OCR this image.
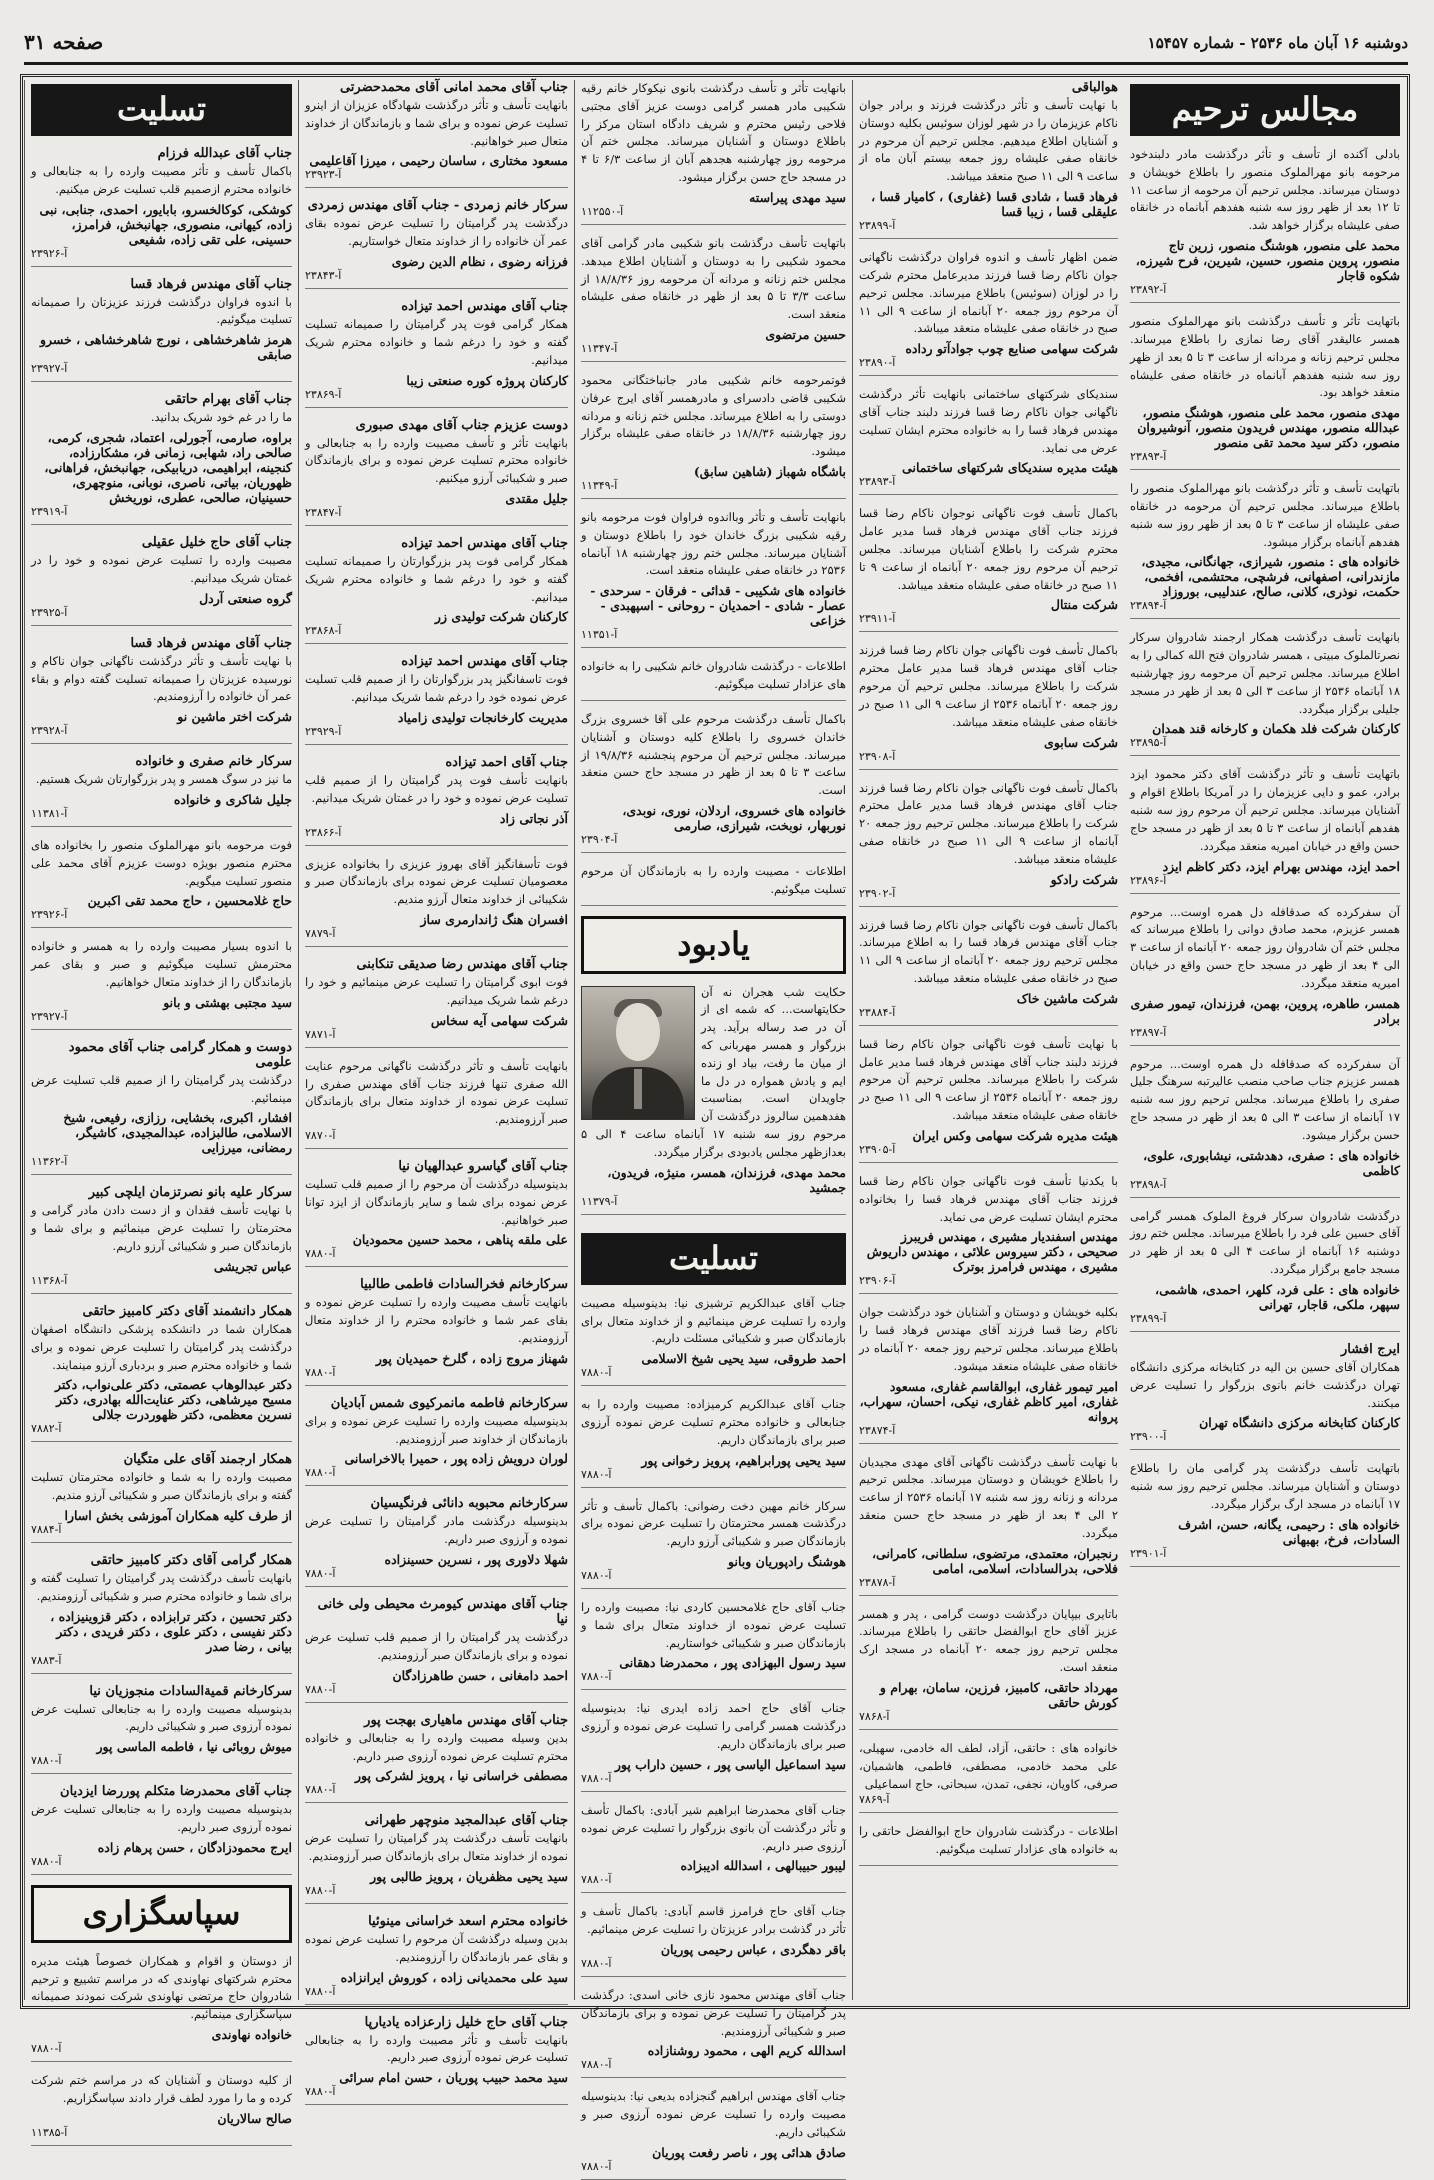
دوشنبه ۱۶ آبان ماه ۲۵۳۶ - شماره ۱۵۴۵۷
صفحه ۳۱
مجالس ترحیم
بادلی آکنده از تأسف و تأثر درگذشت مادر دلبندخود مرحومه بانو مهرالملوک منصور را باطلاع خویشان و دوستان میرساند. مجلس ترحیم آن مرحومه از ساعت ۱۱ تا ۱۲ بعد از ظهر روز سه شنبه هفدهم آبانماه در خانقاه صفی علیشاه برگزار خواهد شد.
محمد علی منصور، هوشنگ منصور، زرین تاج منصور، پروین منصور، حسین، شیرین، فرح شیرزه، شکوه قاجار
آ-۲۳۸۹۲
باتهایت تأثر و تأسف درگذشت بانو مهرالملوک منصور همسر عالیقدر آقای رضا نمازی را باطلاع میرساند. مجلس ترحیم زنانه و مردانه از ساعت ۳ تا ۵ بعد از ظهر روز سه شنبه هفدهم آبانماه در خانقاه صفی علیشاه منعقد خواهد بود.
مهدی منصور، محمد علی منصور، هوشنگ منصور، عبدالله منصور، مهندس فریدون منصور، آنوشیروان منصور، دکتر سید محمد تقی منصور
آ-۲۳۸۹۳
باتهایت تأسف و تأثر درگذشت بانو مهرالملوک منصور را باطلاع میرساند. مجلس ترحیم آن مرحومه در خانقاه صفی علیشاه از ساعت ۳ تا ۵ بعد از ظهر روز سه شنبه هفدهم آبانماه برگزار میشود.
خانواده های : منصور، شیرازی، جهانگانی، مجیدی، مازندرانی، اصفهانی، فرشچی، محتشمی، افخمی، حکمت، نوذری، کلانی، صالح، عندلیبی، بوروزاد
آ-۲۳۸۹۴
بانهایت تأسف درگذشت همکار ارجمند شادروان سرکار نصرتالملوک مبیتی ، همسر شادروان فتح الله کمالی را به اطلاع میرساند. مجلس ترحیم آن مرحومه روز چهارشنبه ۱۸ آبانماه ۲۵۳۶ از ساعت ۳ الی ۵ بعد از ظهر در مسجد جلیلی برگزار میگردد.
کارکنان شرکت فلد هکمان و کارخانه قند همدان
آ-۲۳۸۹۵
باتهایت تأسف و تأثر درگذشت آقای دکتر محمود ایزد برادر، عمو و دایی عزیزمان را در آمریکا باطلاع اقوام و آشنایان میرساند. مجلس ترحیم آن مرحوم روز سه شنبه هفدهم آبانماه از ساعت ۳ تا ۵ بعد از ظهر در مسجد حاج حسن واقع در خیابان امیریه منعقد میگردد.
احمد ایزد، مهندس بهرام ایزد، دکتر کاظم ایزد
آ-۲۳۸۹۶
آن سفرکرده که صدقافله دل همره اوست... مرحوم همسر عزیزم، محمد صادق دوانی را باطلاع میرساند که مجلس ختم آن شادروان روز جمعه ۲۰ آبانماه از ساعت ۳ الی ۴ بعد از ظهر در مسجد حاج حسن واقع در خیابان امیریه منعقد میگردد.
همسر، طاهره، پروین، بهمن، فرزندان، تیمور صفری برادر
آ-۲۳۸۹۷
آن سفرکرده که صدقافله دل همره اوست... مرحوم همسر عزیزم جناب صاحب منصب عالیرتبه سرهنگ جلیل صفری را باطلاع میرساند. مجلس ترحیم روز سه شنبه ۱۷ آبانماه از ساعت ۳ الی ۵ بعد از ظهر در مسجد حاج حسن برگزار میشود.
خانواده های : صفری، دهدشتی، نیشابوری، علوی، کاظمی
آ-۲۳۸۹۸
درگذشت شادروان سرکار فروغ الملوک همسر گرامی آقای حسین علی فرد را باطلاع میرساند. مجلس ختم روز دوشنبه ۱۶ آبانماه از ساعت ۴ الی ۵ بعد از ظهر در مسجد جامع برگزار میگردد.
خانواده های : علی فرد، کلهر، احمدی، هاشمی، سپهر، ملکی، قاجار، تهرانی
آ-۲۳۸۹۹
ایرج افشار
همکاران آقای حسین بن الیه در کتابخانه مرکزی دانشگاه تهران درگذشت خانم بانوی بزرگوار را تسلیت عرض میکنند.
کارکنان کتابخانه مرکزی دانشگاه تهران
آ-۲۳۹۰۰
باتهایت تأسف درگذشت پدر گرامی مان را باطلاع دوستان و آشنایان میرساند. مجلس ترحیم روز سه شنبه ۱۷ آبانماه در مسجد ارگ برگزار میگردد.
خانواده های : رحیمی، یگانه، حسن، اشرف السادات، فرخ، بهبهانی
آ-۲۳۹۰۱
هوالباقی
با نهایت تأسف و تأثر درگذشت فرزند و برادر جوان ناکام عزیزمان را در شهر لوزان سوئیس بکلیه دوستان و آشنایان اطلاع میدهیم. مجلس ترحیم آن مرحوم در خانقاه صفی علیشاه روز جمعه بیستم آبان ماه از ساعت ۹ الی ۱۱ صبح منعقد میباشد.
فرهاد قسا ، شادی قسا (غفاری) ، کامیار قسا ، علیقلی قسا ، زیبا قسا
آ-۲۳۸۹۹
ضمن اظهار تأسف و اندوه فراوان درگذشت ناگهانی جوان ناکام رضا قسا فرزند مدیرعامل محترم شرکت را در لوزان (سوئیس) باطلاع میرساند. مجلس ترحیم آن مرحوم روز جمعه ۲۰ آبانماه از ساعت ۹ الی ۱۱ صبح در خانقاه صفی علیشاه منعقد میباشد.
شرکت سهامی صنایع چوب جوادآتو رداده
آ-۲۳۸۹۰
سندیکای شرکتهای ساختمانی بانهایت تأثر درگذشت ناگهانی جوان ناکام رضا قسا فرزند دلبند جناب آقای مهندس فرهاد قسا را به خانواده محترم ایشان تسلیت عرض می نماید.
هیئت مدیره سندیکای شرکتهای ساختمانی
آ-۲۳۸۹۳
باکمال تأسف فوت ناگهانی نوجوان ناکام رضا قسا فرزند جناب آقای مهندس فرهاد قسا مدیر عامل محترم شرکت را باطلاع آشنایان میرساند. مجلس ترحیم آن مرحوم روز جمعه ۲۰ آبانماه از ساعت ۹ تا ۱۱ صبح در خانقاه صفی علیشاه منعقد میباشد.
شرکت منتال
آ-۲۳۹۱۱
باکمال تأسف فوت ناگهانی جوان ناکام رضا قسا فرزند جناب آقای مهندس فرهاد قسا مدیر عامل محترم شرکت را باطلاع میرساند. مجلس ترحیم آن مرحوم روز جمعه ۲۰ آبانماه ۲۵۳۶ از ساعت ۹ الی ۱۱ صبح در خانقاه صفی علیشاه منعقد میباشد.
شرکت سابوی
آ-۲۳۹۰۸
باکمال تأسف فوت ناگهانی جوان ناکام رضا قسا فرزند جناب آقای مهندس فرهاد قسا مدیر عامل محترم شرکت را باطلاع میرساند. مجلس ترحیم روز جمعه ۲۰ آبانماه از ساعت ۹ الی ۱۱ صبح در خانقاه صفی علیشاه منعقد میباشد.
شرکت رادکو
آ-۲۳۹۰۲
باکمال تأسف فوت ناگهانی جوان ناکام رضا قسا فرزند جناب آقای مهندس فرهاد قسا را به اطلاع میرساند. مجلس ترحیم روز جمعه ۲۰ آبانماه از ساعت ۹ الی ۱۱ صبح در خانقاه صفی علیشاه منعقد میباشد.
شرکت ماشین خاک
آ-۲۳۸۸۴
با نهایت تأسف فوت ناگهانی جوان ناکام رضا قسا فرزند دلبند جناب آقای مهندس فرهاد قسا مدیر عامل شرکت را باطلاع میرساند. مجلس ترحیم آن مرحوم روز جمعه ۲۰ آبانماه ۲۵۳۶ از ساعت ۹ الی ۱۱ صبح در خانقاه صفی علیشاه منعقد میباشد.
هیئت مدیره شرکت سهامی وکس ایران
آ-۲۳۹۰۵
با یکدنیا تأسف فوت ناگهانی جوان ناکام رضا قسا فرزند جناب آقای مهندس فرهاد قسا را بخانواده محترم ایشان تسلیت عرض می نماید.
مهندس اسفندیار مشیری ، مهندس فریبرز صحیحی ، دکتر سیروس علائی ، مهندس داریوش مشیری ، مهندس فرامرز بوترک
آ-۲۳۹۰۶
بکلیه خویشان و دوستان و آشنایان خود درگذشت جوان ناکام رضا قسا فرزند آقای مهندس فرهاد قسا را باطلاع میرساند. مجلس ترحیم روز جمعه ۲۰ آبانماه در خانقاه صفی علیشاه منعقد میشود.
امیر تیمور غفاری، ابوالقاسم غفاری، مسعود غفاری، امیر کاظم غفاری، نیکی، احسان، سهراب، پروانه
آ-۲۳۸۷۴
با نهایت تأسف درگذشت ناگهانی آقای مهدی مجیدیان را باطلاع خویشان و دوستان میرساند. مجلس ترحیم مردانه و زنانه روز سه شنبه ۱۷ آبانماه ۲۵۳۶ از ساعت ۲ الی ۴ بعد از ظهر در مسجد حاج حسن منعقد میگردد.
رنجبران، معتمدی، مرتضوی، سلطانی، کامرانی، فلاحی، بدرالسادات، اسلامی، امامی
آ-۲۳۸۷۸
باتایری بیپایان درگذشت دوست گرامی ، پدر و همسر عزیز آقای حاج ابوالفضل حاتقی را باطلاع میرساند. مجلس ترحیم روز جمعه ۲۰ آبانماه در مسجد ارک منعقد است.
مهرداد حاتقی، کامبیز، فرزین، سامان، بهرام و کورش حاتقی
آ-۷۸۶۸
خانواده های : حاتقی، آزاد، لطف اله خادمی، سهیلی، علی محمد خادمی، مصطفی، فاطمی، هاشمیان، صرفی، کاویان، نجفی، تمدن، سبحانی، حاج اسماعیلی
آ-۷۸۶۹
اطلاعات - درگذشت شادروان حاج ابوالفضل حاتقی را به خانواده های عزادار تسلیت میگوئیم.
بانهایت تأثر و تأسف درگذشت بانوی نیکوکار خانم رقیه شکیبی مادر همسر گرامی دوست عزیز آقای مجتبی فلاحی رئیس محترم و شریف دادگاه استان مرکز را باطلاع دوستان و آشنایان میرساند. مجلس ختم آن مرحومه روز چهارشنبه هجدهم آبان از ساعت ۶/۳ تا ۴ در مسجد حاج حسن برگزار میشود.
سید مهدی پیراسته
آ-۱۱۲۵۵۰
باتهایت تأسف درگذشت بانو شکیبی مادر گرامی آقای محمود شکیبی را به دوستان و آشنایان اطلاع میدهد. مجلس ختم زنانه و مردانه آن مرحومه روز ۱۸/۸/۳۶ از ساعت ۳/۳ تا ۵ بعد از ظهر در خانقاه صفی علیشاه منعقد است.
حسین مرتضوی
آ-۱۱۳۴۷
فوتمرحومه خانم شکیبی مادر جانباختگانی محمود شکیبی قاضی دادسرای و مادرهمسر آقای ایرج عرفان دوستی را به اطلاع میرساند. مجلس ختم زنانه و مردانه روز چهارشنبه ۱۸/۸/۳۶ در خانقاه صفی علیشاه برگزار میشود.
باشگاه شهباز (شاهین سابق)
آ-۱۱۳۴۹
بانهایت تأسف و تأثر وبااندوه فراوان فوت مرحومه بانو رقیه شکیبی بزرگ خاندان خود را باطلاع دوستان و آشنایان میرساند. مجلس ختم روز چهارشنبه ۱۸ آبانماه ۲۵۳۶ در خانقاه صفی علیشاه منعقد است.
خانواده های شکیبی - قدائی - فرقان - سرحدی - عصار - شادی - احمدیان - روحانی - اسپهبدی - خزاعی
آ-۱۱۳۵۱
اطلاعات - درگذشت شادروان خانم شکیبی را به خانواده های عزادار تسلیت میگوئیم.
باکمال تأسف درگذشت مرحوم علی آقا خسروی بزرگ خاندان خسروی را باطلاع کلیه دوستان و آشنایان میرساند. مجلس ترحیم آن مرحوم پنجشنبه ۱۹/۸/۳۶ از ساعت ۳ تا ۵ بعد از ظهر در مسجد حاج حسن منعقد است.
خانواده های خسروی، اردلان، نوری، نوبدی، نوربهار، نوبخت، شیرازی، صارمی
آ-۲۳۹۰۴
اطلاعات - مصیبت وارده را به بازماندگان آن مرحوم تسلیت میگوئیم.
یادبود
حکایت شب هجران نه آن حکایتهاست... که شمه ای از آن در صد رساله برآید. پدر بزرگوار و همسر مهربانی که از میان ما رفت، بیاد او زنده ایم و یادش همواره در دل ما جاویدان است. بمناسبت هفدهمین سالروز درگذشت آن مرحوم روز سه شنبه ۱۷ آبانماه ساعت ۴ الی ۵ بعدازظهر مجلس یادبودی برگزار میگردد.
محمد مهدی، فرزندان، همسر، منیژه، فریدون، جمشید
آ-۱۱۳۷۹
تسلیت
جناب آقای عبدالکریم ترشیزی نیا: بدینوسیله مصیبت وارده را تسلیت عرض مینمائیم و از خداوند متعال برای بازماندگان صبر و شکیبائی مسئلت داریم.
احمد طروقی، سید یحیی شیخ الاسلامی
آ-۷۸۸۰
جناب آقای عبدالکریم کرمیزاده: مصیبت وارده را به جنابعالی و خانواده محترم تسلیت عرض نموده آرزوی صبر برای بازماندگان داریم.
سید یحیی پورابراهیم، پرویز رخوانی پور
آ-۷۸۸۰
سرکار خانم مهین دخت رضوانی: باکمال تأسف و تأثر درگذشت همسر محترمتان را تسلیت عرض نموده برای بازماندگان صبر و شکیبائی آرزو داریم.
هوشنگ رادپوریان وبانو
آ-۷۸۸۰
جناب آقای حاج غلامحسین کاردی نیا: مصیبت وارده را تسلیت عرض نموده از خداوند متعال برای شما و بازماندگان صبر و شکیبائی خواستاریم.
سید رسول البهزادی پور ، محمدرضا دهقانی
آ-۷۸۸۰
جناب آقای حاج احمد زاده ایدری نیا: بدینوسیله درگذشت همسر گرامی را تسلیت عرض نموده و آرزوی صبر برای بازماندگان داریم.
سید اسماعیل الیاسی پور ، حسین داراب پور
آ-۷۸۸۰
جناب آقای محمدرضا ابراهیم شیر آبادی: باکمال تأسف و تأثر درگذشت آن بانوی بزرگوار را تسلیت عرض نموده آرزوی صبر داریم.
لیبور حبیبالهی ، اسدالله ادیبزاده
آ-۷۸۸۰
جناب آقای حاج فرامرز قاسم آبادی: باکمال تأسف و تأثر در گذشت برادر عزیزتان را تسلیت عرض مینمائیم.
باقر دهگردی ، عباس رحیمی پوریان
آ-۷۸۸۰
جناب آقای مهندس محمود نازی خانی اسدی: درگذشت پدر گرامیتان را تسلیت عرض نموده و برای بازماندگان صبر و شکیبائی آرزومندیم.
اسدالله کریم الهی ، محمود روشنازاده
آ-۷۸۸۰
جناب آقای مهندس ابراهیم گنجزاده بدیعی نیا: بدینوسیله مصیبت وارده را تسلیت عرض نموده آرزوی صبر و شکیبائی داریم.
صادق هدائی پور ، ناصر رفعت پوریان
آ-۷۸۸۰
جناب آقای محمد امانی آقای محمدحضرتی
بانهایت تأسف و تأثر درگذشت شهادگاه عزیزان از اینرو تسلیت عرض نموده و برای شما و بازماندگان از خداوند متعال صبر خواهانیم.
مسعود مختاری ، ساسان رحیمی ، میرزا آقاعلیمی
آ-۲۳۹۲۳
سرکار خانم زمردی - جناب آقای مهندس زمردی
درگذشت پدر گرامیتان را تسلیت عرض نموده بقای عمر آن خانواده را از خداوند متعال خواستاریم.
فرزانه رضوی ، نظام الدین رضوی
آ-۲۳۸۴۳
جناب آقای مهندس احمد تیزاده
همکار گرامی فوت پدر گرامیتان را صمیمانه تسلیت گفته و خود را درغم شما و خانواده محترم شریک میدانیم.
کارکنان پروژه کوره صنعتی زیبا
آ-۲۳۸۶۹
دوست عزیزم جناب آقای مهدی صبوری
بانهایت تأثر و تأسف مصیبت وارده را به جنابعالی و خانواده محترم تسلیت عرض نموده و برای بازماندگان صبر و شکیبائی آرزو میکنیم.
جلیل مقتدی
آ-۲۳۸۴۷
جناب آقای مهندس احمد تیزاده
همکار گرامی فوت پدر بزرگوارتان را صمیمانه تسلیت گفته و خود را درغم شما و خانواده محترم شریک میدانیم.
کارکنان شرکت تولیدی زر
آ-۲۳۸۶۸
جناب آقای مهندس احمد تیزاده
فوت تاسفانگیز پدر بزرگوارتان را از صمیم قلب تسلیت عرض نموده خود را درغم شما شریک میدانیم.
مدیریت کارخانجات تولیدی زامیاد
آ-۲۳۹۲۹
جناب آقای احمد تیزاده
بانهایت تأسف فوت پدر گرامیتان را از صمیم قلب تسلیت عرض نموده و خود را در غمتان شریک میدانیم.
آذر نجاتی زاد
آ-۲۳۸۶۶
فوت تأسفانگیز آقای بهروز عزیزی را بخانواده عزیزی معصومیان تسلیت عرض نموده برای بازماندگان صبر و شکیبائی از خداوند متعال آرزو مندیم.
افسران هنگ ژاندارمری ساز
آ-۷۸۷۹
جناب آقای مهندس رضا صدیقی تنکابنی
فوت ابوی گرامیتان را تسلیت عرض مینمائیم و خود را درغم شما شریک میدانیم.
شرکت سهامی آیه سخاس
آ-۷۸۷۱
بانهایت تأسف و تأثر درگذشت ناگهانی مرحوم عنایت الله صفری تنها فرزند جناب آقای مهندس صفری را تسلیت عرض نموده از خداوند متعال برای بازماندگان صبر آرزومندیم.
آ-۷۸۷۰
جناب آقای گیاسرو عبدالهیان نیا
بدینوسیله درگذشت آن مرحوم را از صمیم قلب تسلیت عرض نموده برای شما و سایر بازماندگان از ایزد توانا صبر خواهانیم.
علی ملقه پناهی ، محمد حسین محمودیان
آ-۷۸۸۰
سرکارخانم فخرالسادات فاطمی طالبیا
بانهایت تأسف مصیبت وارده را تسلیت عرض نموده و بقای عمر شما و خانواده محترم را از خداوند متعال آرزومندیم.
شهناز مروج زاده ، گلرخ حمیدیان پور
آ-۷۸۸۰
سرکارخانم فاطمه مانمرکیوی شمس آبادیان
بدینوسیله مصیبت وارده را تسلیت عرض نموده و برای بازماندگان از خداوند صبر آرزومندیم.
لوران درویش زاده پور ، حمیرا بالاخراسانی
آ-۷۸۸۰
سرکارخانم محبوبه دانائی فرنگیسیان
بدینوسیله درگذشت مادر گرامیتان را تسلیت عرض نموده و آرزوی صبر داریم.
شهلا دلاوری پور ، نسرین حسینزاده
آ-۷۸۸۰
جناب آقای مهندس کیومرث محیطی ولی خانی نیا
درگذشت پدر گرامیتان را از صمیم قلب تسلیت عرض نموده و برای بازماندگان صبر آرزومندیم.
احمد دامغانی ، حسن طاهرزادگان
آ-۷۸۸۰
جناب آقای مهندس ماهیاری بهجت پور
بدین وسیله مصیبت وارده را به جنابعالی و خانواده محترم تسلیت عرض نموده آرزوی صبر داریم.
مصطفی خراسانی نیا ، پرویز لشرکی پور
آ-۷۸۸۰
جناب آقای عبدالمجید منوچهر طهرانی
بانهایت تأسف درگذشت پدر گرامیتان را تسلیت عرض نموده از خداوند متعال برای بازماندگان صبر آرزومندیم.
سید یحیی مظفریان ، پرویز طالبی پور
آ-۷۸۸۰
خانواده محترم اسعد خراسانی مینوئیا
بدین وسیله درگذشت آن مرحوم را تسلیت عرض نموده و بقای عمر بازماندگان را آرزومندیم.
سید علی محمدیانی زاده ، کوروش ایرانزاده
آ-۷۸۸۰
جناب آقای حاج خلیل زارعزاده یادیارپا
بانهایت تأسف و تأثر مصیبت وارده را به جنابعالی تسلیت عرض نموده آرزوی صبر داریم.
سید محمد حبیب پوریان ، حسن امام سرائی
آ-۷۸۸۰
تسلیت
جناب آقای عبدالله فرزام
باکمال تأسف و تأثر مصیبت وارده را به جنابعالی و خانواده محترم ازصمیم قلب تسلیت عرض میکنیم.
کوشکی، کوکالخسرو، بابایور، احمدی، جنابی، نبی زاده، کیهانی، منصوری، جهانبخش، فرامرز، حسینی، علی تقی زاده، شفیعی
آ-۲۳۹۲۶
جناب آقای مهندس فرهاد قسا
با اندوه فراوان درگذشت فرزند عزیزتان را صمیمانه تسلیت میگوئیم.
هرمز شاهرخشاهی ، نورج شاهرخشاهی ، خسرو صابقی
آ-۲۳۹۲۷
جناب آقای بهرام حاتقی
ما را در غم خود شریک بدانید.
براوه، صارمی، آجورلی، اعتماد، شجری، کرمی، صالحی راد، شهابی، زمانی فر، مشکارزاده، کنجینه، ابراهیمی، دریابیکی، جهانبخش، فراهانی، ظهوریان، بیاتی، ناصری، نوبانی، منوچهری، حسینیان، صالحی، عطری، نوریخش
آ-۲۳۹۱۹
جناب آقای حاج خلیل عقیلی
مصیبت وارده را تسلیت عرض نموده و خود را در غمتان شریک میدانیم.
گروه صنعتی آردل
آ-۲۳۹۲۵
جناب آقای مهندس فرهاد قسا
با نهایت تأسف و تأثر درگذشت ناگهانی جوان ناکام و نورسیده عزیزتان را صمیمانه تسلیت گفته دوام و بقاء عمر آن خانواده را آرزومندیم.
شرکت اختر ماشین نو
آ-۲۳۹۲۸
سرکار خانم صفری و خانواده
ما نیز در سوگ همسر و پدر بزرگوارتان شریک هستیم.
جلیل شاکری و خانواده
آ-۱۱۳۸۱
فوت مرحومه بانو مهرالملوک منصور را بخانواده های محترم منصور بویژه دوست عزیزم آقای محمد علی منصور تسلیت میگویم.
حاج غلامحسین ، حاج محمد تقی اکبرین
آ-۲۳۹۲۶
با اندوه بسیار مصیبت وارده را به همسر و خانواده محترمش تسلیت میگوئیم و صبر و بقای عمر بازماندگان را از خداوند متعال خواهانیم.
سید مجتبی بهشتی و بانو
آ-۲۳۹۲۷
دوست و همکار گرامی جناب آقای محمود علومی
درگذشت پدر گرامیتان را از صمیم قلب تسلیت عرض مینمائیم.
افشار، اکبری، بخشایی، رزازی، رفیعی، شیخ الاسلامی، طالبزاده، عبدالمجیدی، کاشیگر، رمضانی، میرزایی
آ-۱۱۳۶۲
سرکار علیه بانو نصرتزمان ایلچی کبیر
با نهایت تأسف فقدان و از دست دادن مادر گرامی و محترمتان را تسلیت عرض مینمائیم و برای شما و بازماندگان صبر و شکیبائی آرزو داریم.
عباس تجریشی
آ-۱۱۳۶۸
همکار دانشمند آقای دکتر کامبیز حاتقی
همکاران شما در دانشکده پزشکی دانشگاه اصفهان درگذشت پدر گرامیتان را تسلیت عرض نموده و برای شما و خانواده محترم صبر و بردباری آرزو مینمایند.
دکتر عبدالوهاب عصمتی، دکتر علی‌نواب، دکتر مسیح میرشاهی، دکتر عنایت‌الله بهادری، دکتر نسرین معظمی، دکتر ظهوردرت جلالی
آ-۷۸۸۲
همکار ارجمند آقای علی متگیان
مصیبت وارده را به شما و خانواده محترمتان تسلیت گفته و برای بازماندگان صبر و شکیبائی آرزو مندیم.
از طرف کلیه همکاران آموزشی بخش اسارا
آ-۷۸۸۴
همکار گرامی آقای دکتر کامبیز حاتقی
بانهایت تأسف درگذشت پدر گرامیتان را تسلیت گفته و برای شما و خانواده محترم صبر و شکیبائی آرزومندیم.
دکتر تحسین ، دکتر ترابزاده ، دکتر قزوینیزاده ، دکتر نفیسی ، دکتر علوی ، دکتر فریدی ، دکتر بیانی ، رضا صدر
آ-۷۸۸۳
سرکارخانم قمیةالسادات منجوزیان نیا
بدینوسیله مصیبت وارده را به جنابعالی تسلیت عرض نموده آرزوی صبر و شکیبائی داریم.
میوش روبائی نیا ، فاطمه الماسی پور
آ-۷۸۸۰
جناب آقای محمدرضا متکلم پوررضا ایزدیان
بدینوسیله مصیبت وارده را به جنابعالی تسلیت عرض نموده آرزوی صبر داریم.
ایرج محمودزادگان ، حسن پرهام زاده
آ-۷۸۸۰
سپاسگزاری
از دوستان و اقوام و همکاران خصوصاً هیئت مدیره محترم شرکتهای نهاوندی که در مراسم تشییع و ترحیم شادروان حاج مرتضی نهاوندی شرکت نمودند صمیمانه سپاسگزاری مینمائیم.
خانواده نهاوندی
آ-۷۸۸۰
از کلیه دوستان و آشنایان که در مراسم ختم شرکت کرده و ما را مورد لطف قرار دادند سپاسگزاریم.
صالح سالاریان
آ-۱۱۳۸۵
